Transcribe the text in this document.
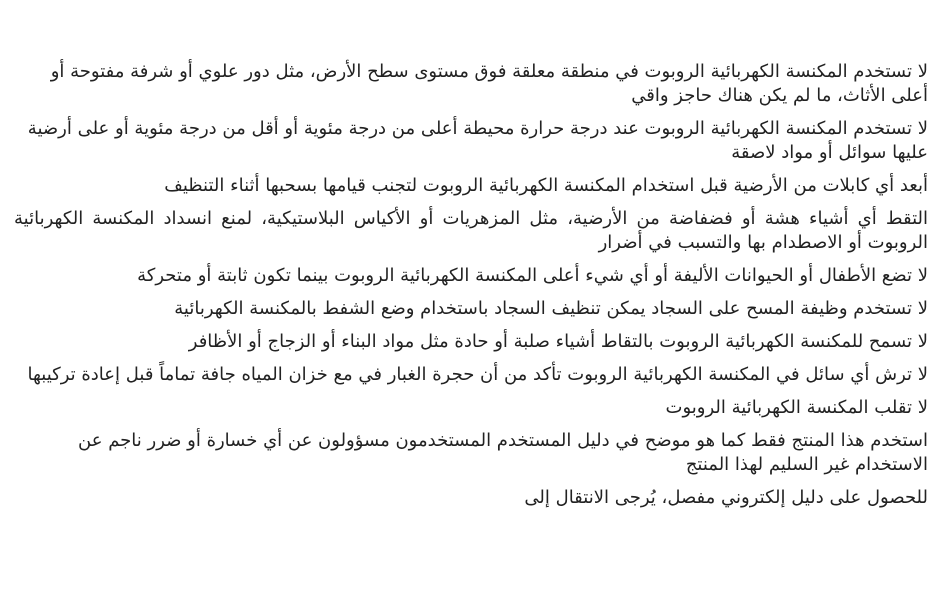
لا تستخدم المكنسة الكهربائية الروبوت في منطقة معلقة فوق مستوى سطح الأرض، مثل دور علوي أو شرفة مفتوحة أو أعلى الأثاث، ما لم يكن هناك حاجز واقي

لا تستخدم المكنسة الكهربائية الروبوت عند درجة حرارة محيطة أعلى من درجة مئوية أو أقل من درجة مئوية أو على أرضية عليها سوائل أو مواد لاصقة

أبعد أي كابلات من الأرضية قبل استخدام المكنسة الكهربائية الروبوت لتجنب قيامها بسحبها أثناء التنظيف

التقط أي أشياء هشة أو فضفاضة من الأرضية، مثل المزهريات أو الأكياس البلاستيكية، لمنع انسداد المكنسة الكهربائية الروبوت أو الاصطدام بها والتسبب في أضرار

لا تضع الأطفال أو الحيوانات الأليفة أو أي شيء أعلى المكنسة الكهربائية الروبوت بينما تكون ثابتة أو متحركة

لا تستخدم وظيفة المسح على السجاد يمكن تنظيف السجاد باستخدام وضع الشفط بالمكنسة الكهربائية

لا تسمح للمكنسة الكهربائية الروبوت بالتقاط أشياء صلبة أو حادة مثل مواد البناء أو الزجاج أو الأظافر

لا ترش أي سائل في المكنسة الكهربائية الروبوت تأكد من أن حجرة الغبار في مع خزان المياه جافة تماماً قبل إعادة تركيبها

لا تقلب المكنسة الكهربائية الروبوت

استخدم هذا المنتج فقط كما هو موضح في دليل المستخدم المستخدمون مسؤولون عن أي خسارة أو ضرر ناجم عن الاستخدام غير السليم لهذا المنتج

للحصول على دليل إلكتروني مفصل، يُرجى الانتقال إلى
